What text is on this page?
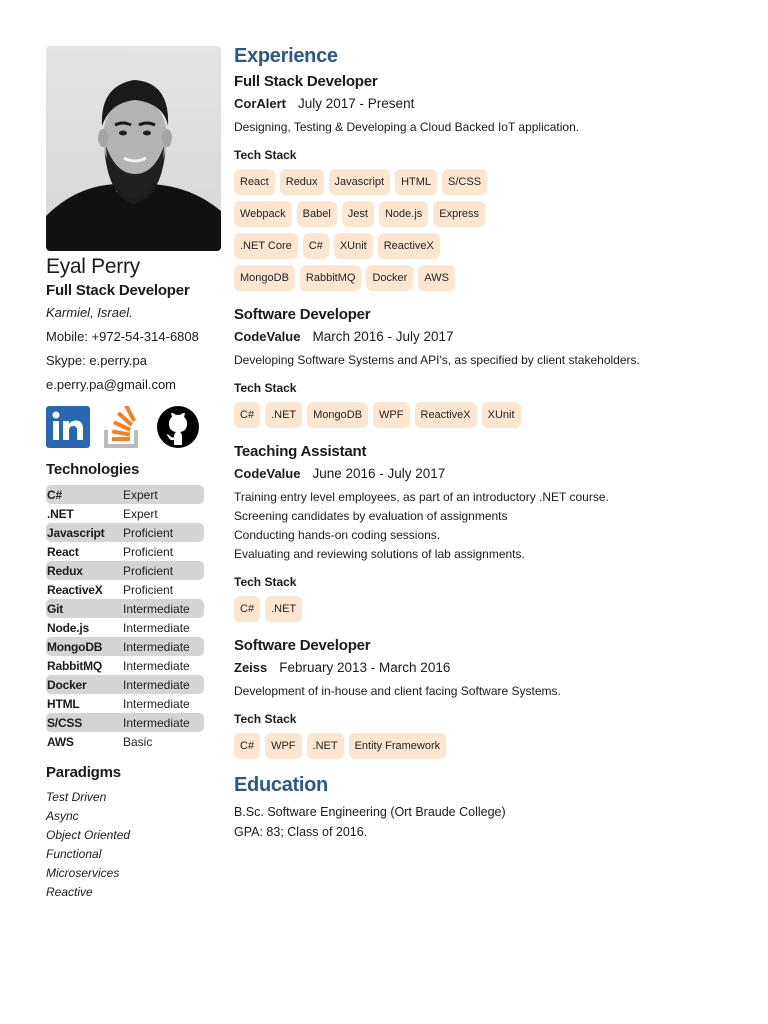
Eyal Perry
Full Stack Developer
Karmiel, Israel.
Mobile: +972-54-314-6808
Skype: e.perry.pa
e.perry.pa@gmail.com
Technologies
C#	Expert
.NET	Expert
Javascript	Proficient
React	Proficient
Redux	Proficient
ReactiveX	Proficient
Git	Intermediate
Node.js	Intermediate
MongoDB	Intermediate
RabbitMQ	Intermediate
Docker	Intermediate
HTML	Intermediate
S/CSS	Intermediate
AWS	Basic
Paradigms
Test Driven
Async
Object Oriented
Functional
Microservices
Reactive
Experience
Full Stack Developer
CorAlert July 2017 - Present
Designing, Testing & Developing a Cloud Backed IoT application.
Tech Stack
React	Redux	Javascript	HTML	S/CSS
Webpack	Babel	Jest	Node.js	Express
.NET Core	C#	XUnit	ReactiveX
MongoDB	RabbitMQ	Docker	AWS
Software Developer
CodeValue March 2016 - July 2017
Developing Software Systems and API's, as specified by client stakeholders.
Tech Stack
C#	.NET	MongoDB	WPF	ReactiveX	XUnit
Teaching Assistant
CodeValue June 2016 - July 2017
Training entry level employees, as part of an introductory .NET course.
Screening candidates by evaluation of assignments
Conducting hands-on coding sessions.
Evaluating and reviewing solutions of lab assignments.
Tech Stack
C#	.NET
Software Developer
Zeiss February 2013 - March 2016
Development of in-house and client facing Software Systems.
Tech Stack
C#	WPF	.NET	Entity Framework
Education
B.Sc. Software Engineering (Ort Braude College)
GPA: 83; Class of 2016.
